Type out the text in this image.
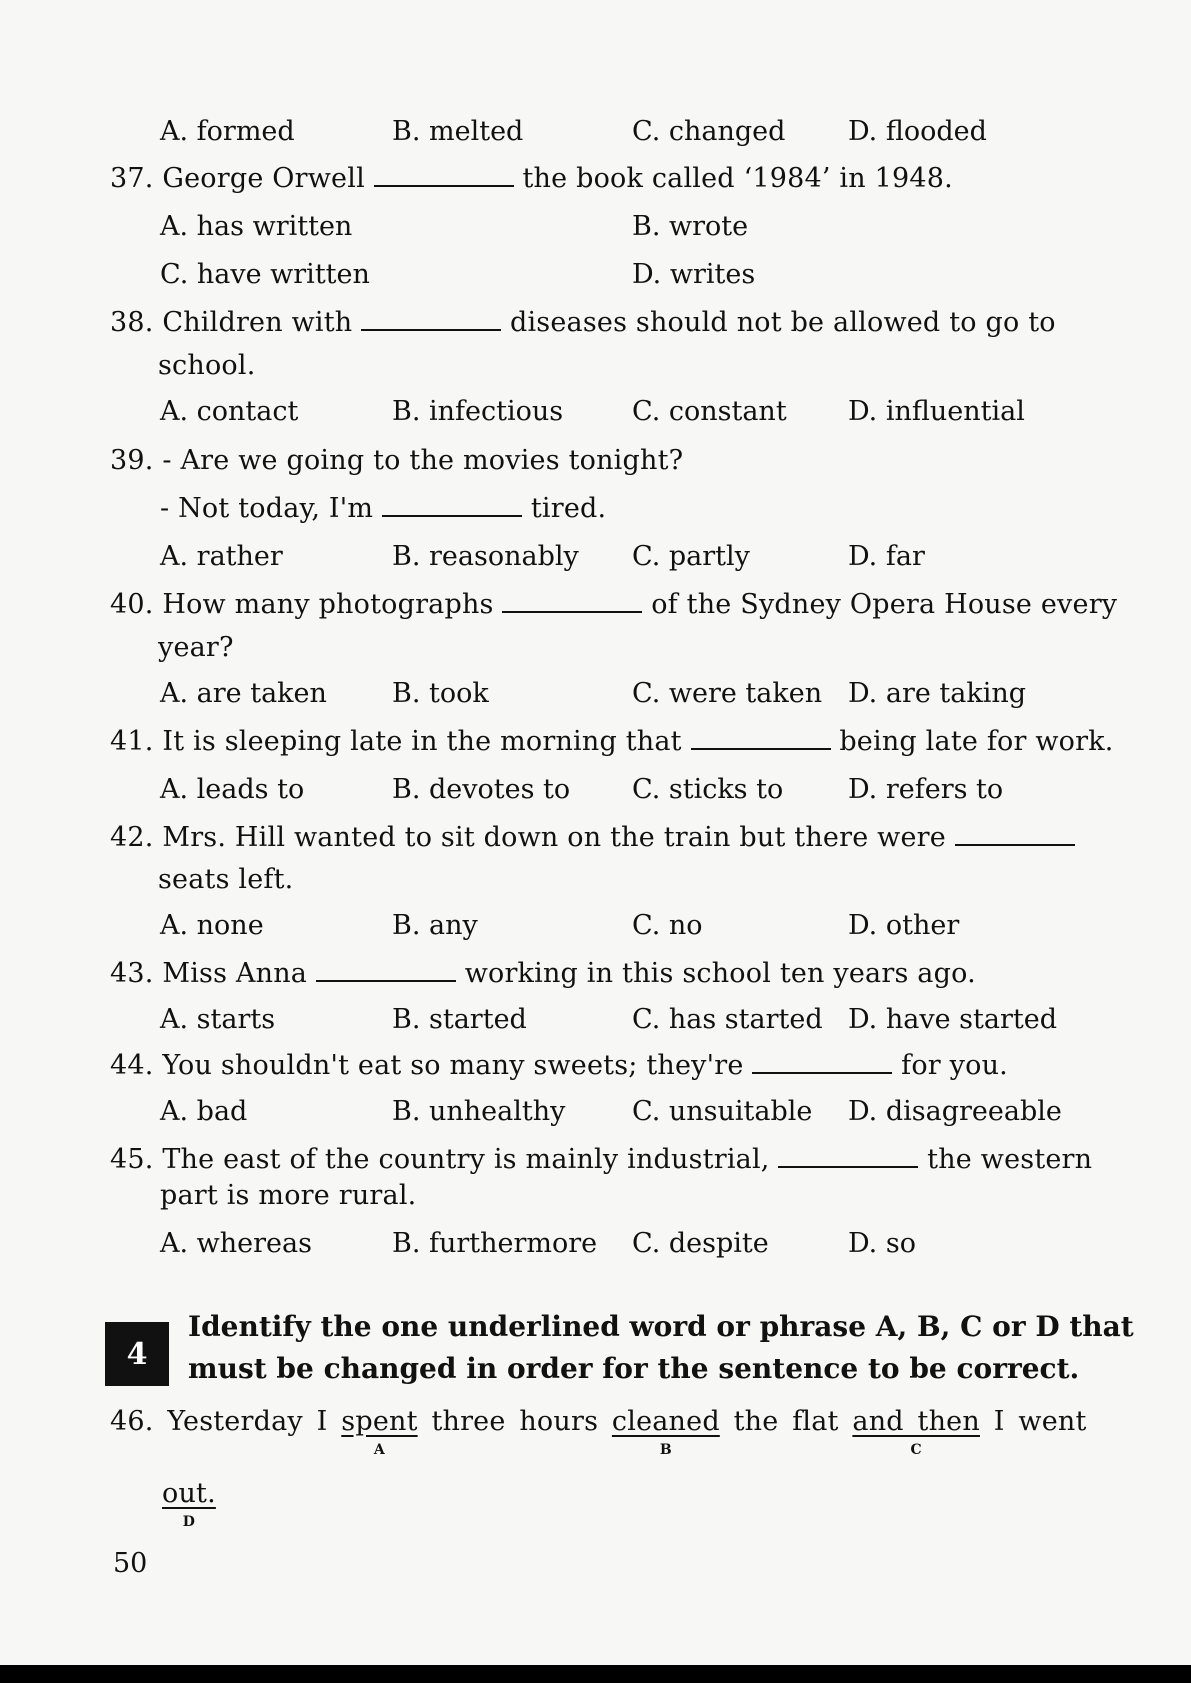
A. formed	B. melted	C. changed D. flooded
37. George Orwell	the book called ‘1984’ in 1948.
A. has written	B. wrote
C. have written	D. writes
38. Children with	diseases should not be allowed to go to
school.
A. contact	B. infectious	C. constant D. influential
39. - Are we going to the movies tonight?
- Not today, I'm	tired.
A. rather	B. reasonably C. partly	D. far
40. How many photographs	of the Sydney Opera House every
year?
A. are taken B. took	C. were taken D. are taking
41. It is sleeping late in the morning that	being late for work.
A. leads to	B. devotes to C. sticks to D. refers to
42. Mrs. Hill wanted to sit down on the train but there were
seats left.
A. none	B. any	C. no	D. other
43. Miss Anna	working in this school ten years ago.
A. starts	B. started	C. has started D. have started
44. You shouldn't eat so many sweets; they're	for you.
A. bad	B. unhealthy C. unsuitable D. disagreeable
45. The east of the country is mainly industrial,	the western
part is more rural.
A. whereas	B. furthermore C. despite	D. so
4
Identify the one underlined word or phrase A, B, C or D that
must be changed in order for the sentence to be correct.
46. Yesterday I spent
A
three hours cleaned
B
the flat and then
C
I went
out.
D
50
